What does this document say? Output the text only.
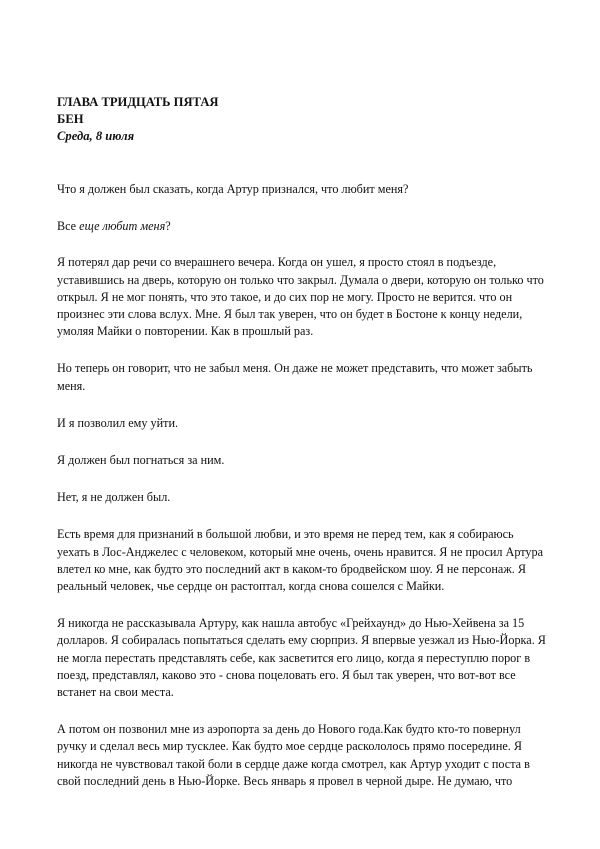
ГЛАВА ТРИДЦАТЬ ПЯТАЯ

БЕН

Среда, 8 июля

Что я должен был сказать, когда Артур признался, что любит меня?

Все еще любит меня?

Я потерял дар речи со вчерашнего вечера. Когда он ушел, я просто стоял в подъезде,
уставившись на дверь, которую он только что закрыл. Думала о двери, которую он только что
открыл. Я не мог понять, что это такое, и до сих пор не могу. Просто не верится. что он
произнес эти слова вслух. Мне. Я был так уверен, что он будет в Бостоне к концу недели,
умоляя Майки о повторении. Как в прошлый раз.

Но теперь он говорит, что не забыл меня. Он даже не может представить, что может забыть
меня.

И я позволил ему уйти.

Я должен был погнаться за ним.

Нет, я не должен был.

Есть время для признаний в большой любви, и это время не перед тем, как я собираюсь
уехать в Лос-Анджелес с человеком, который мне очень, очень нравится. Я не просил Артура
влетел ко мне, как будто это последний акт в каком-то бродвейском шоу. Я не персонаж. Я
реальный человек, чье сердце он растоптал, когда снова сошелся с Майки.

Я никогда не рассказывала Артуру, как нашла автобус «Грейхаунд» до Нью-Хейвена за 15
долларов. Я собиралась попытаться сделать ему сюрприз. Я впервые уезжал из Нью-Йорка. Я
не могла перестать представлять себе, как засветится его лицо, когда я переступлю порог в
поезд, представлял, каково это - снова поцеловать его. Я был так уверен, что вот-вот все
встанет на свои места.

А потом он позвонил мне из аэропорта за день до Нового года.Как будто кто-то повернул
ручку и сделал весь мир тусклее. Как будто мое сердце раскололось прямо посередине. Я
никогда не чувствовал такой боли в сердце даже когда смотрел, как Артур уходит с поста в
свой последний день в Нью-Йорке. Весь январь я провел в черной дыре. Не думаю, что
